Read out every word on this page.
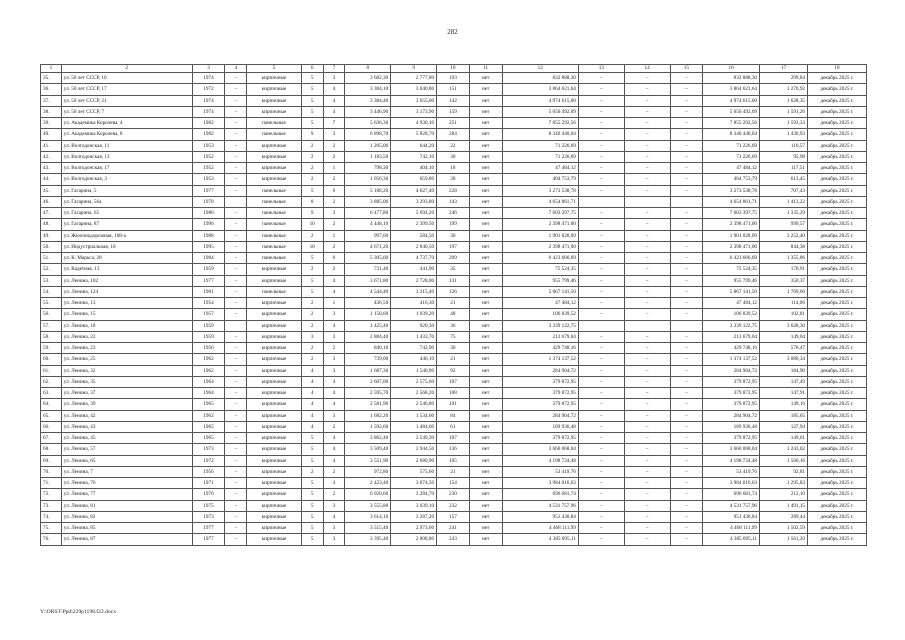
282
1	2	3	4	5	6	7	8	9	10	11	12	13	14	15	16	17	18
35.	ул. 50 лет СССР, 10	1974	–	кирпичные	5	3	3 682,30	2 777,80	193	нет	832 888,30	–	–	–	832 888,30	299,84	декабрь 2025 г.
36.	ул. 50 лет СССР, 17	1972	–	кирпичные	5	4	3 384,10	3 040,80	151	нет	3 864 621,64	–	–	–	3 864 621,64	1 270,92	декабрь 2025 г.
37.	ул. 50 лет СССР, 21	1974	–	кирпичные	5	4	3 384,40	3 055,00	142	нет	4 974 615,00	–	–	–	4 974 615,00	1 628,35	декабрь 2025 г.
38.	ул. 50 лет СССР, 7	1974	–	кирпичные	5	4	3 446,90	3 173,90	159	нет	5 050 492,09	–	–	–	5 050 492,09	1 591,26	декабрь 2025 г.
39.	ул. Академика Королева, 4	1982	–	панельные	5	7	5 636,30	4 930,10	251	нет	7 855 292,56	–	–	–	7 855 292,56	1 593,33	декабрь 2025 г.
40.	ул. Академика Королева, 8	1982	–	панельные	9	3	6 898,70	5 828,70	284	нет	8 340 440,04	–	–	–	8 340 440,04	1 430,93	декабрь 2025 г.
41.	ул. Волгодонская, 11	1953	–	кирпичные	2	2	1 205,00	644,20	22	нет	71 226,69	–	–	–	71 226,69	110,57	декабрь 2025 г.
42.	ул. Волгодонская, 13	1952	–	кирпичные	2	2	1 183,50	742,10	30	нет	71 226,69	–	–	–	71 226,69	95,98	декабрь 2025 г.
43.	ул. Волгодонская, 17	1952	–	кирпичные	2	1	798,30	404,10	18	нет	47 484,12	–	–	–	47 484,12	117,51	декабрь 2025 г.
44.	ул. Волгодонская, 3	1953	–	кирпичные	2	2	1 056,30	659,80	30	нет	404 753,79	–	–	–	404 753,79	613,45	декабрь 2025 г.
45.	ул. Гагарина, 5	1977	–	панельные	5	6	5 188,20	4 627,40	228	нет	3 273 538,78	–	–	–	3 273 538,78	707,43	декабрь 2025 г.
46.	ул. Гагарина, 56а	1978		панельные	8	2	3 885,00	3 293,80	143	нет	4 654 861,71				4 654 861,71	1 413,22	декабрь 2025 г.
47.	ул. Гагарина, 65	1986	–	панельные	9	3	6 477,80	5 694,20	246	нет	7 603 397,75	–	–	–	7 603 397,75	1 335,29	декабрь 2025 г.
48.	ул. Гагарина, 87	1996	–	панельные	10	2	4 448,10	2 399,50	199	нет	2 398 471,00	–	–	–	2 398 471,00	999,57	декабрь 2025 г.
49.	ул. Железнодорожная, 108-а	1988	–	панельные	2	1	997,60	584,50	30	нет	1 901 028,09	–	–	–	1 901 028,09	3 252,40	декабрь 2025 г.
50.	ул. Индустриальная, 18	1995	–	панельные	10	2	4 671,20	2 840,50	197	нет	2 398 471,00	–	–	–	2 398 471,00	844,38	декабрь 2025 г.
51.	ул. К. Маркса, 28	1984	–	панельные	5	6	5 305,60	4 737,70	209	нет	6 423 666,69	–	–	–	6 423 666,69	1 355,86	декабрь 2025 г.
52.	ул. Кадетная, 13	1959	–	кирпичные	2	2	731,40	441,90	35	нет	75 524,35	–	–	–	75 524,35	170,91	декабрь 2025 г.
53.	ул. Ленина, 102	1977	–	кирпичные	5	4	3 671,80	2 728,00	131	нет	955 799,46	–	–	–	955 799,46	350,37	декабрь 2025 г.
54.	ул. Ленина, 124	1981	–	панельные	5	4	4 544,40	3 315,40	126	нет	5 867 141,50	–	–	–	5 867 141,50	1 769,66	декабрь 2025 г.
55.	ул. Ленина, 13	1954	–	кирпичные	2	1	436,50	416,30	21	нет	47 484,12	–	–	–	47 484,12	114,06	декабрь 2025 г.
56.	ул. Ленина, 15	1957	–	кирпичные	2	3	1 158,60	1 039,20	48	нет	106 839,52	–	–	–	106 839,52	102,81	декабрь 2025 г.
57.	ул. Ленина, 18	1959		кирпичные	2	4	1 425,40	920,30	36	нет	3 339 122,75				3 339 122,75	3 628,30	декабрь 2025 г.
58.	ул. Ленина, 22	1959	–	кирпичные	3	3	2 884,40	1 433,70	75	нет	213 679,04	–	–	–	213 679,04	149,04	декабрь 2025 г.
59.	ул. Ленина, 23	1956	–	кирпичные	2	2	840,10	742,90	30	нет	429 748,16	–	–	–	429 748,16	578,47	декабрь 2025 г.
60.	ул. Ленина, 25	1962	–	кирпичные	2	3	739,00	446,10	21	нет	1 374 137,52	–	–	–	1 374 137,52	3 080,34	декабрь 2025 г.
61.	ул. Ленина, 32	1962	–	кирпичные	4	3	1 687,30	1 540,90	92	нет	284 904,72	–	–	–	284 904,72	184,90	декабрь 2025 г.
62.	ул. Ленина, 35	1964	–	кирпичные	4	4	2 607,00	2 575,60	107	нет	379 872,95	–	–	–	379 872,95	147,49	декабрь 2025 г.
63.	ул. Ленина, 37	1964	–	кирпичные	4	4	2 595,70	2 568,20	108	нет	379 872,95	–	–	–	379 872,95	147,91	декабрь 2025 г.
64.	ул. Ленина, 39	1965	–	кирпичные	4	4	2 581,90	2 546,80	101	нет	379 872,95	–	–	–	379 872,95	149,16	декабрь 2025 г.
65.	ул. Ленина, 42	1962	–	кирпичные	4	3	1 682,20	1 534,60	84	нет	284 904,72	–	–	–	284 904,72	185,65	декабрь 2025 г.
66.	ул. Ленина, 43	1965	–	кирпичные	4	2	1 592,60	1 484,60	61	нет	189 936,48	–	–	–	189 936,48	127,94	декабрь 2025 г.
67.	ул. Ленина, 45	1965	–	кирпичные	5	4	3 862,40	2 549,30	107	нет	379 872,95	–	–	–	379 872,95	149,01	декабрь 2025 г.
68.	ул. Ленина, 57	1973	–	кирпичные	5	4	3 509,40	2 944,50	136	нет	3 660 068,04	–	–	–	3 660 068,04	1 243,02	декабрь 2025 г.
69.	ул. Ленина, 65	1972	–	кирпичные	5	4	3 551,90	2 680,90	105	нет	4 198 724,48	–	–	–	4 198 724,48	1 566,16	декабрь 2025 г.
70.	ул. Ленина, 7	1956	–	кирпичные	2	2	972,80	575,60	21	нет	53 419,76	–	–	–	53 419,76	92,81	декабрь 2025 г.
71.	ул. Ленина, 76	1971	–	кирпичные	5	4	2 423,40	3 074,50	154	нет	3 984 016,63	–	–	–	3 984 016,63	1 295,83	декабрь 2025 г.
72.	ул. Ленина, 77	1976	–	кирпичные	5	2	6 020,60	3 284,70	230	нет	696 681,74	–	–	–	696 681,74	212,10	декабрь 2025 г.
73.	ул. Ленина, 81	1975	–	кирпичные	5	3	3 555,80	3 039,10	232	нет	4 531 757,96	–	–	–	4 531 757,96	1 491,15	декабрь 2025 г.
74.	ул. Ленина, 82	1973	–	кирпичные	5	4	3 614,10	3 287,20	157	нет	951 430,84	–	–	–	951 430,84	289,44	декабрь 2025 г.
75.	ул. Ленина, 85	1977	–	кирпичные	5	3	3 515,40	2 973,60	241	нет	4 468 111,99	–	–	–	4 468 111,99	1 502,59	декабрь 2025 г.
76.	ул. Ленина, 87	1977	–	кирпичные	5	3	3 395,40	2 808,80	243	нет	4 385 095,11	–	–	–	4 385 095,11	1 561,20	декабрь 2025 г.
Y:\ORST\Ppd\229p1198.f22.docx
